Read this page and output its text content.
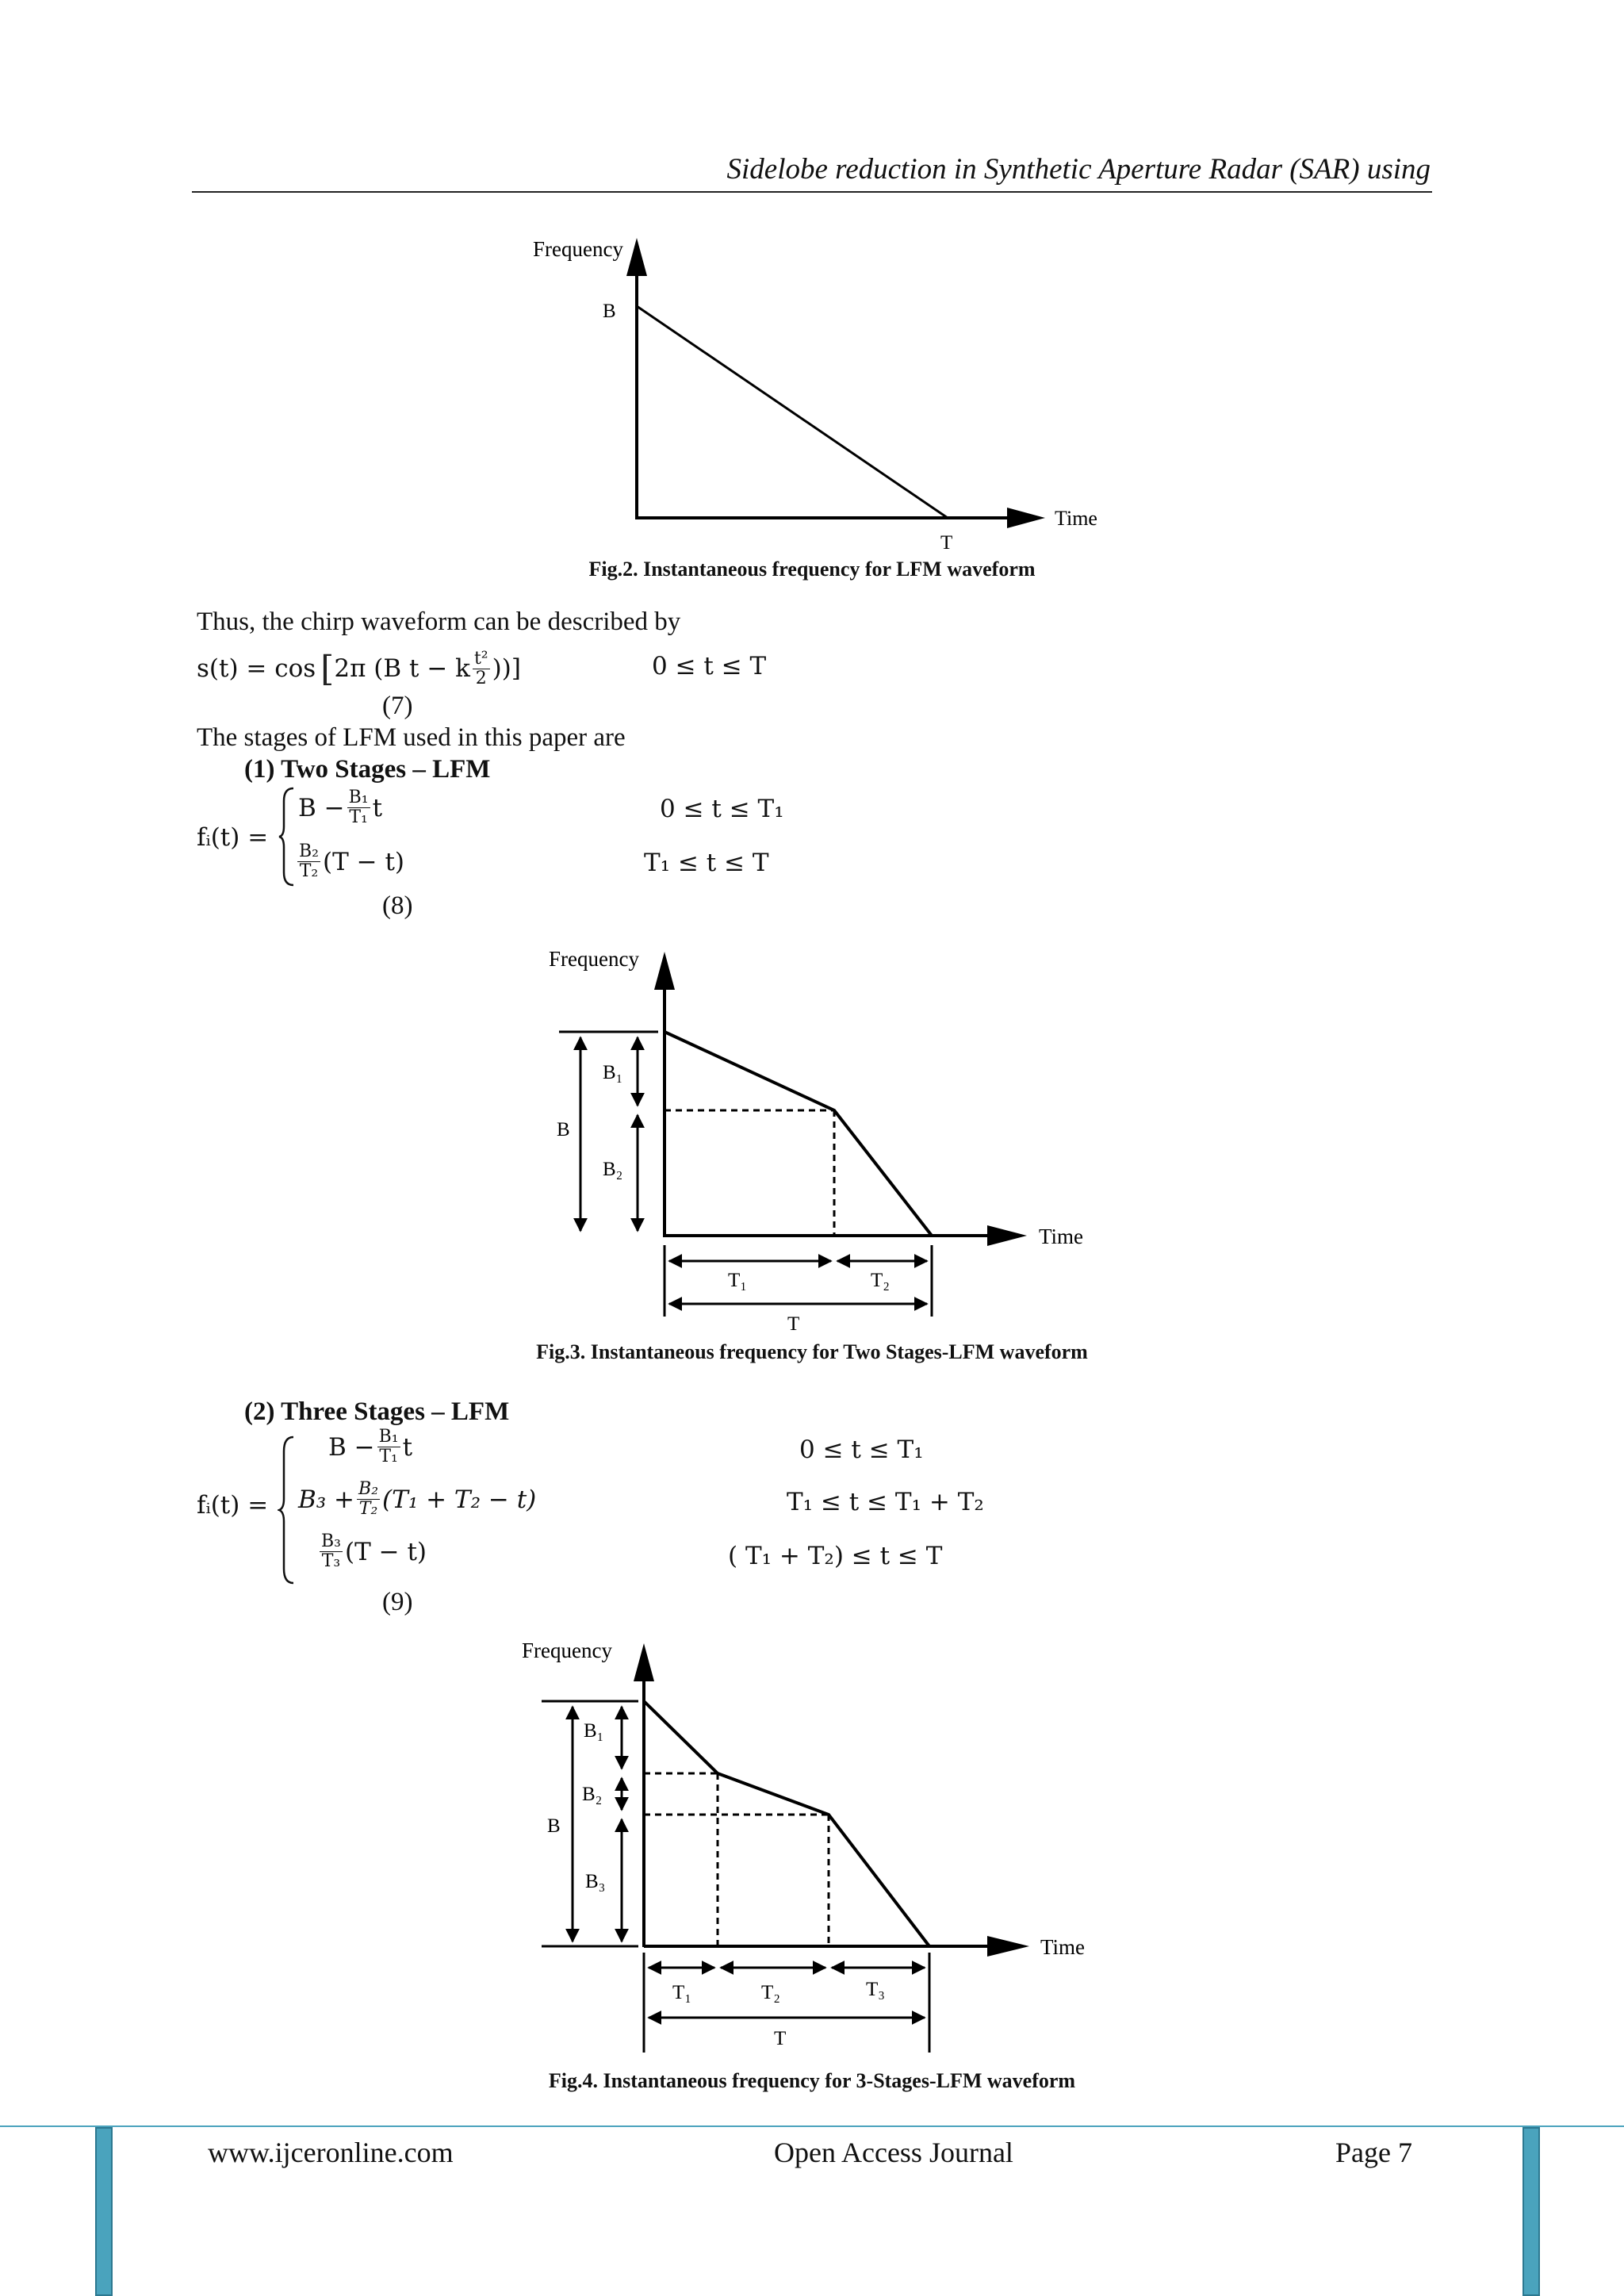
Sidelobe reduction in Synthetic Aperture Radar (SAR) using
Frequency
B
Time
T
Fig.2. Instantaneous frequency for LFM waveform
Thus, the chirp waveform can be described by
s(t) = cos [ 2π (B t − k $\frac{\text{t²}}{2}$ ))]	0 ≤ t ≤ T
(7)
The stages of LFM used in this paper are
(1) Two Stages – LFM
fᵢ(t) =
$B - \frac{\text{B₁}}{\text{T₁}}$ t	0 ≤ t ≤ T₁
$\frac{\text{B₂}}{\text{T₂}} (T - t)$	T₁ ≤ t ≤ T
(8)
Frequency
Time
B
B₁
B₂
T₁	T₂
T
Fig.3. Instantaneous frequency for Two Stages-LFM waveform
(2) Three Stages – LFM
fᵢ(t) =
$B - \frac{\text{B₁}}{\text{T₁}}$ t	0 ≤ t ≤ T₁
$B_3 + \frac{\text{B₂}}{\text{T₂}} (T_1 + T_2 - t)$	T₁ ≤ t ≤ T₁ + T₂
$\frac{\text{B₃}}{\text{T₃}} (T - t)$	( T₁ + T₂) ≤ t ≤ T
(9)
Frequency
Time
B
B₁
B₂
B₃
T₁	T₂	T₃
T
Fig.4. Instantaneous frequency for 3-Stages-LFM waveform
www.ijceronline.com	Open Access Journal	Page 7
